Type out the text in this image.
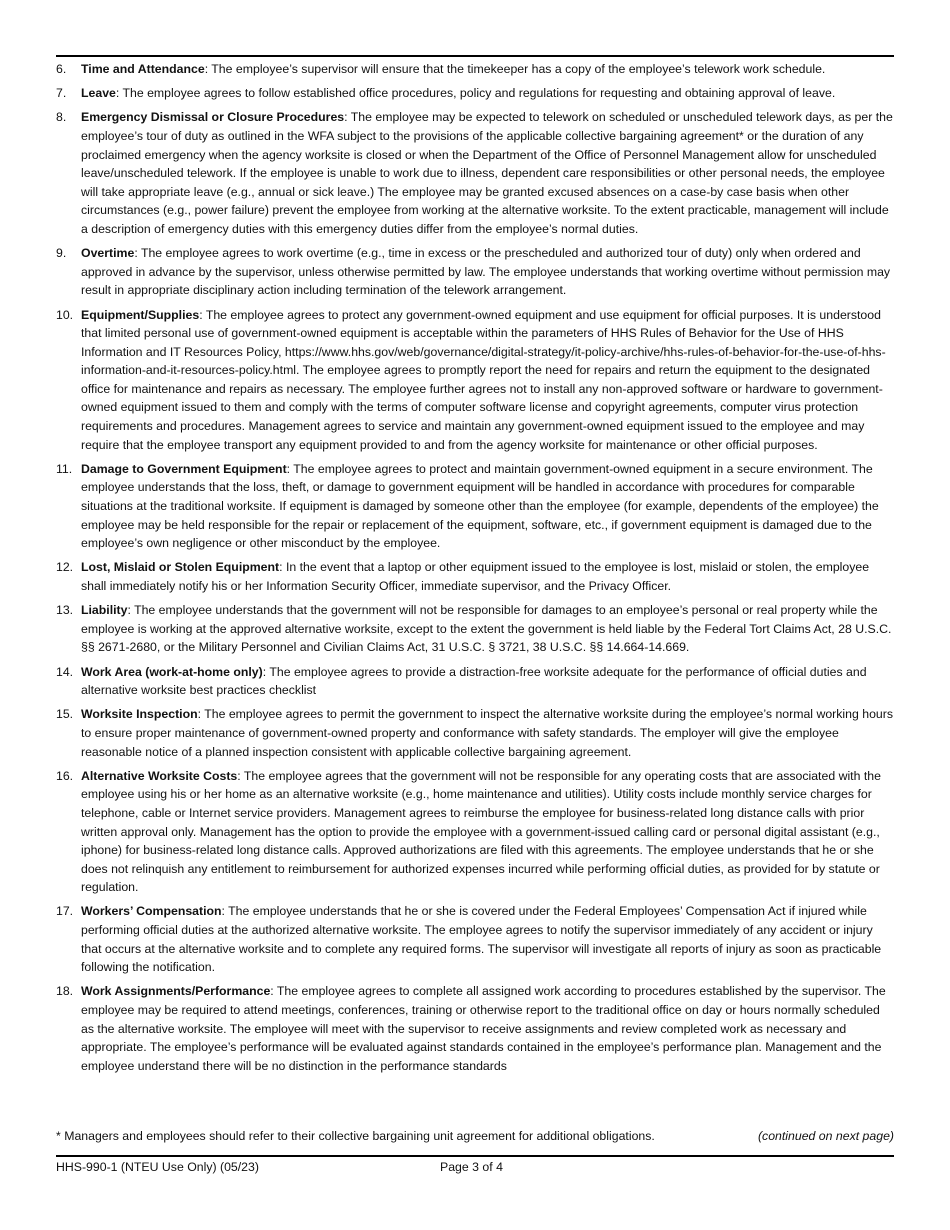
6.	Time and Attendance: The employee’s supervisor will ensure that the timekeeper has a copy of the employee’s telework work schedule.
7.	Leave: The employee agrees to follow established office procedures, policy and regulations for requesting and obtaining approval of leave.
8.	Emergency Dismissal or Closure Procedures: The employee may be expected to telework on scheduled or unscheduled telework days, as per the employee’s tour of duty as outlined in the WFA subject to the provisions of the applicable collective bargaining agreement* or the duration of any proclaimed emergency when the agency worksite is closed or when the Department of the Office of Personnel Management allow for unscheduled leave/unscheduled telework. If the employee is unable to work due to illness, dependent care responsibilities or other personal needs, the employee will take appropriate leave (e.g., annual or sick leave.) The employee may be granted excused absences on a case-by case basis when other circumstances (e.g., power failure) prevent the employee from working at the alternative worksite. To the extent practicable, management will include a description of emergency duties with this emergency duties differ from the employee’s normal duties.
9.	Overtime: The employee agrees to work overtime (e.g., time in excess or the prescheduled and authorized tour of duty) only when ordered and approved in advance by the supervisor, unless otherwise permitted by law. The employee understands that working overtime without permission may result in appropriate disciplinary action including termination of the telework arrangement.
10. Equipment/Supplies: The employee agrees to protect any government-owned equipment and use equipment for official purposes. It is understood that limited personal use of government-owned equipment is acceptable within the parameters of HHS Rules of Behavior for the Use of HHS Information and IT Resources Policy, https://www.hhs.gov/web/governance/digital-strategy/it-policy-archive/hhs-rules-of-behavior-for-the-use-of-hhs-information-and-it-resources-policy.html. The employee agrees to promptly report the need for repairs and return the equipment to the designated office for maintenance and repairs as necessary. The employee further agrees not to install any non-approved software or hardware to government-owned equipment issued to them and comply with the terms of computer software license and copyright agreements, computer virus protection requirements and procedures. Management agrees to service and maintain any government-owned equipment issued to the employee and may require that the employee transport any equipment provided to and from the agency worksite for maintenance or other official purposes.
11. Damage to Government Equipment: The employee agrees to protect and maintain government-owned equipment in a secure environment. The employee understands that the loss, theft, or damage to government equipment will be handled in accordance with procedures for comparable situations at the traditional worksite. If equipment is damaged by someone other than the employee (for example, dependents of the employee) the employee may be held responsible for the repair or replacement of the equipment, software, etc., if government equipment is damaged due to the employee’s own negligence or other misconduct by the employee.
12. Lost, Mislaid or Stolen Equipment: In the event that a laptop or other equipment issued to the employee is lost, mislaid or stolen, the employee shall immediately notify his or her Information Security Officer, immediate supervisor, and the Privacy Officer.
13. Liability: The employee understands that the government will not be responsible for damages to an employee’s personal or real property while the employee is working at the approved alternative worksite, except to the extent the government is held liable by the Federal Tort Claims Act, 28 U.S.C. §§ 2671-2680, or the Military Personnel and Civilian Claims Act, 31 U.S.C. § 3721, 38 U.S.C. §§ 14.664-14.669.
14. Work Area (work-at-home only): The employee agrees to provide a distraction-free worksite adequate for the performance of official duties and alternative worksite best practices checklist
15. Worksite Inspection: The employee agrees to permit the government to inspect the alternative worksite during the employee’s normal working hours to ensure proper maintenance of government-owned property and conformance with safety standards. The employer will give the employee reasonable notice of a planned inspection consistent with applicable collective bargaining agreement.
16. Alternative Worksite Costs: The employee agrees that the government will not be responsible for any operating costs that are associated with the employee using his or her home as an alternative worksite (e.g., home maintenance and utilities). Utility costs include monthly service charges for telephone, cable or Internet service providers. Management agrees to reimburse the employee for business-related long distance calls with prior written approval only. Management has the option to provide the employee with a government-issued calling card or personal digital assistant (e.g., iphone) for business-related long distance calls. Approved authorizations are filed with this agreements. The employee understands that he or she does not relinquish any entitlement to reimbursement for authorized expenses incurred while performing official duties, as provided for by statute or regulation.
17. Workers’ Compensation: The employee understands that he or she is covered under the Federal Employees’ Compensation Act if injured while performing official duties at the authorized alternative worksite. The employee agrees to notify the supervisor immediately of any accident or injury that occurs at the alternative worksite and to complete any required forms. The supervisor will investigate all reports of injury as soon as practicable following the notification.
18. Work Assignments/Performance: The employee agrees to complete all assigned work according to procedures established by the supervisor. The employee may be required to attend meetings, conferences, training or otherwise report to the traditional office on day or hours normally scheduled as the alternative worksite. The employee will meet with the supervisor to receive assignments and review completed work as necessary and appropriate. The employee’s performance will be evaluated against standards contained in the employee’s performance plan. Management and the employee understand there will be no distinction in the performance standards
* Managers and employees should refer to their collective bargaining unit agreement for additional obligations.	(continued on next page)
HHS-990-1 (NTEU Use Only) (05/23)	Page 3 of 4
